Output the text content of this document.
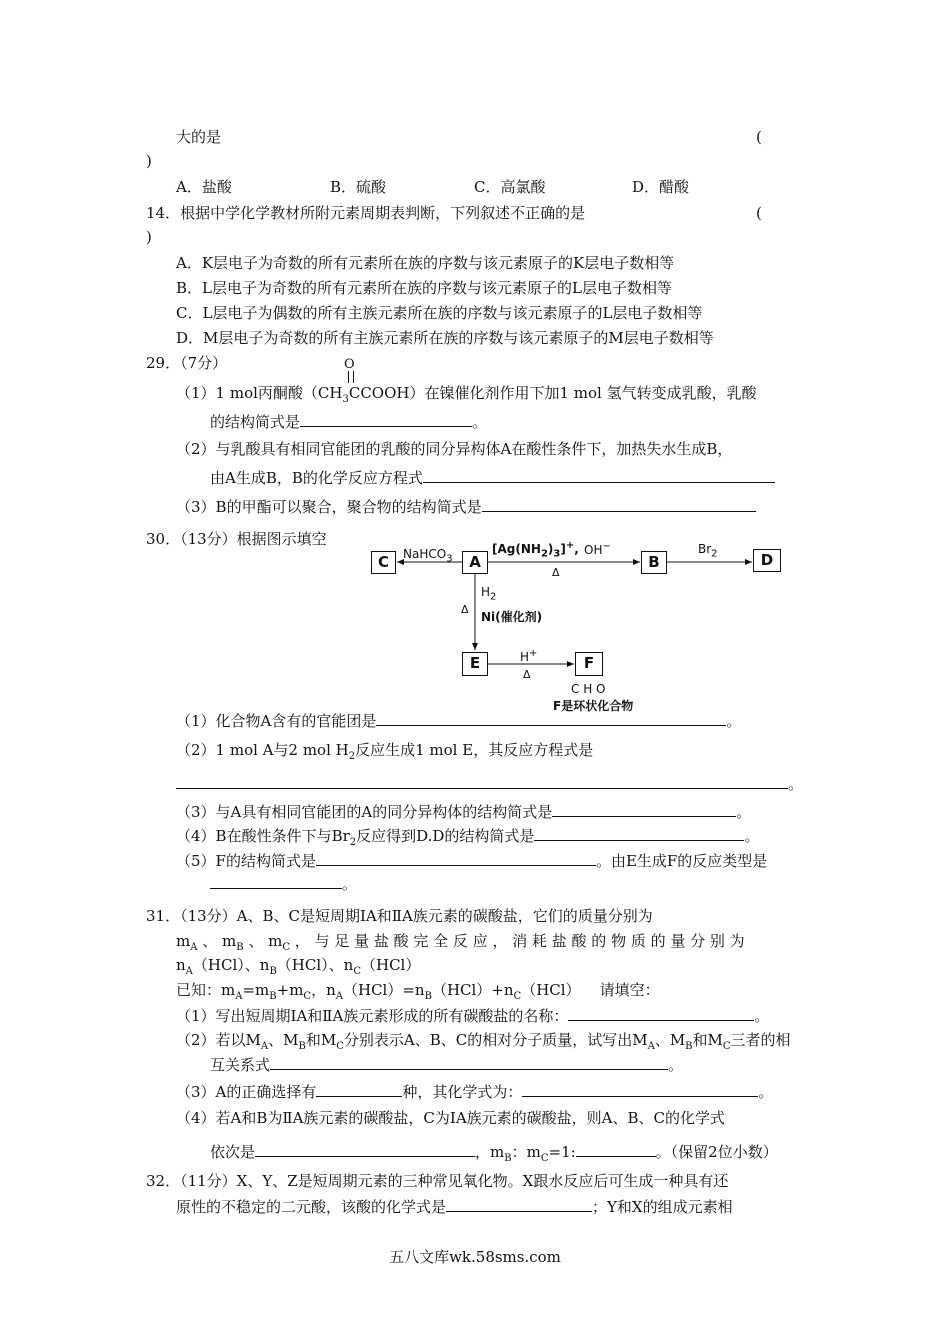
大的是	(
)
A．盐酸	B．硫酸	C．高氯酸	D．醋酸
14．根据中学化学教材所附元素周期表判断，下列叙述不正确的是	(
)
A．K层电子为奇数的所有元素所在族的序数与该元素原子的K层电子数相等
B．L层电子为奇数的所有元素所在族的序数与该元素原子的L层电子数相等
C．L层电子为偶数的所有主族元素所在族的序数与该元素原子的L层电子数相等
D．M层电子为奇数的所有主族元素所在族的序数与该元素原子的M层电子数相等
29．（7分）	O
（1）1 mol丙酮酸$(CH_3CCOOH)$在镍催化剂作用下加1 mol 氢气转变成乳酸，乳酸
的结构简式是	。
（2）与乳酸具有相同官能团的乳酸的同分异构体A在酸性条件下，加热失水生成B，
由A生成B，B的化学反应方程式
（3）B的甲酯可以聚合，聚合物的结构简式是
30．（13分）根据图示填空
C	A	B	D
E	F
NaHCO$_3$
$[Ag(NH_2)_3]^+$, OH−
Δ
$Br_2$
$H_2$
Δ
Ni(催化剂)
H+
Δ
C H O
F是环状化合物
（1）化合物A含有的官能团是	。
（2）1 mol A与2 mol $H_2$反应生成1 mol E，其反应方程式是
。
（3）与A具有相同官能团的A的同分异构体的结构简式是	。
（4）B在酸性条件下与$Br_2$反应得到D.D的结构简式是	。
（5）F的结构简式是	。由E生成F的反应类型是
。
31．（13分）A、B、C是短周期ⅠA和ⅡA族元素的碳酸盐，它们的质量分别为
$m_A$ 、 $m_B$ 、 $m_C$ ， 与 足 量 盐 酸 完 全 反 应 ， 消 耗 盐 酸 的 物 质 的 量 分 别 为
$n_A(HCl)$、$n_B(HCl)$、$n_C(HCl)$
已知：$m_A=m_B+m_C$，$n_A(HCl)=n_B(HCl)+n_C(HCl)$    请填空：
（1）写出短周期ⅠA和ⅡA族元素形成的所有碳酸盐的名称：	。
（2）若以$M_A$、$M_B$和$M_C$分别表示A、B、C的相对分子质量，试写出$M_A$、$M_B$和$M_C$三者的相
互关系式	。
（3）A的正确选择有	种，其化学式为：	。
（4）若A和B为ⅡA族元素的碳酸盐，C为ⅠA族元素的碳酸盐，则A、B、C的化学式
依次是	，$m_B$：$m_C=1$:	。（保留2位小数）
32．（11分）X、Y、Z是短周期元素的三种常见氧化物。X跟水反应后可生成一种具有还
原性的不稳定的二元酸，该酸的化学式是	；Y和X的组成元素相
五八文库wk.58sms.com
